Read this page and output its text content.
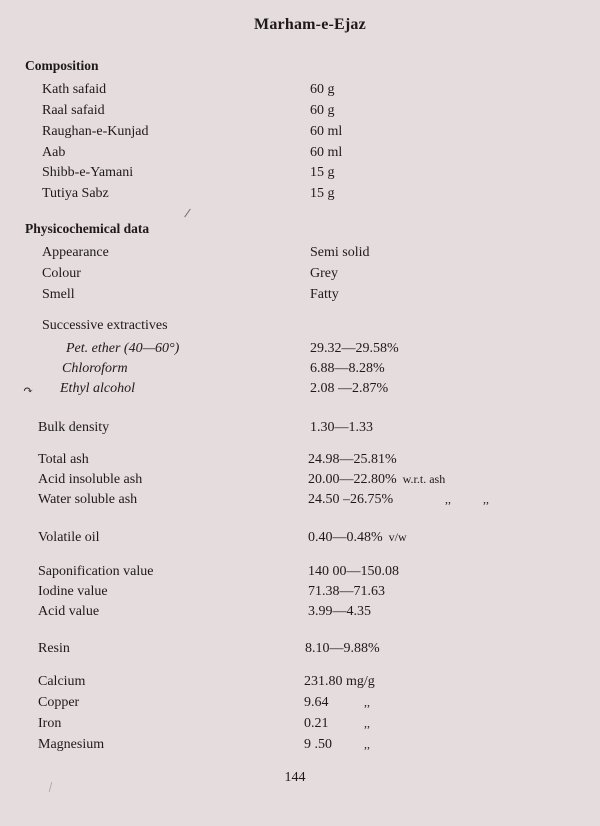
Marham-e-Ejaz
Composition
Kath safaid	60 g
Raal safaid	60 g
Raughan-e-Kunjad	60 ml
Aab	60 ml
Shibb-e-Yamani	15 g
Tutiya Sabz	15 g
Physicochemical data
Appearance	Semi solid
Colour	Grey
Smell	Fatty
Successive extractives
Pet. ether (40—60°)	29.32—29.58%
Chloroform	6.88—8.28%
↷ Ethyl alcohol	2.08 —2.87%
Bulk density	1.30—1.33
Total ash	24.98—25.81%
Acid insoluble ash	20.00—22.80% w.r.t. ash
Water soluble ash	24.50 –26.75%	,,	,,
Volatile oil	0.40—0.48% v/w
Saponification value	140 00—150.08
Iodine value	71.38—71.63
Acid value	3.99—4.35
Resin	8.10—9.88%
Calcium	231.80 mg/g
Copper	9.64	,,
Iron	0.21	,,
Magnesium	9 .50	,,
144
